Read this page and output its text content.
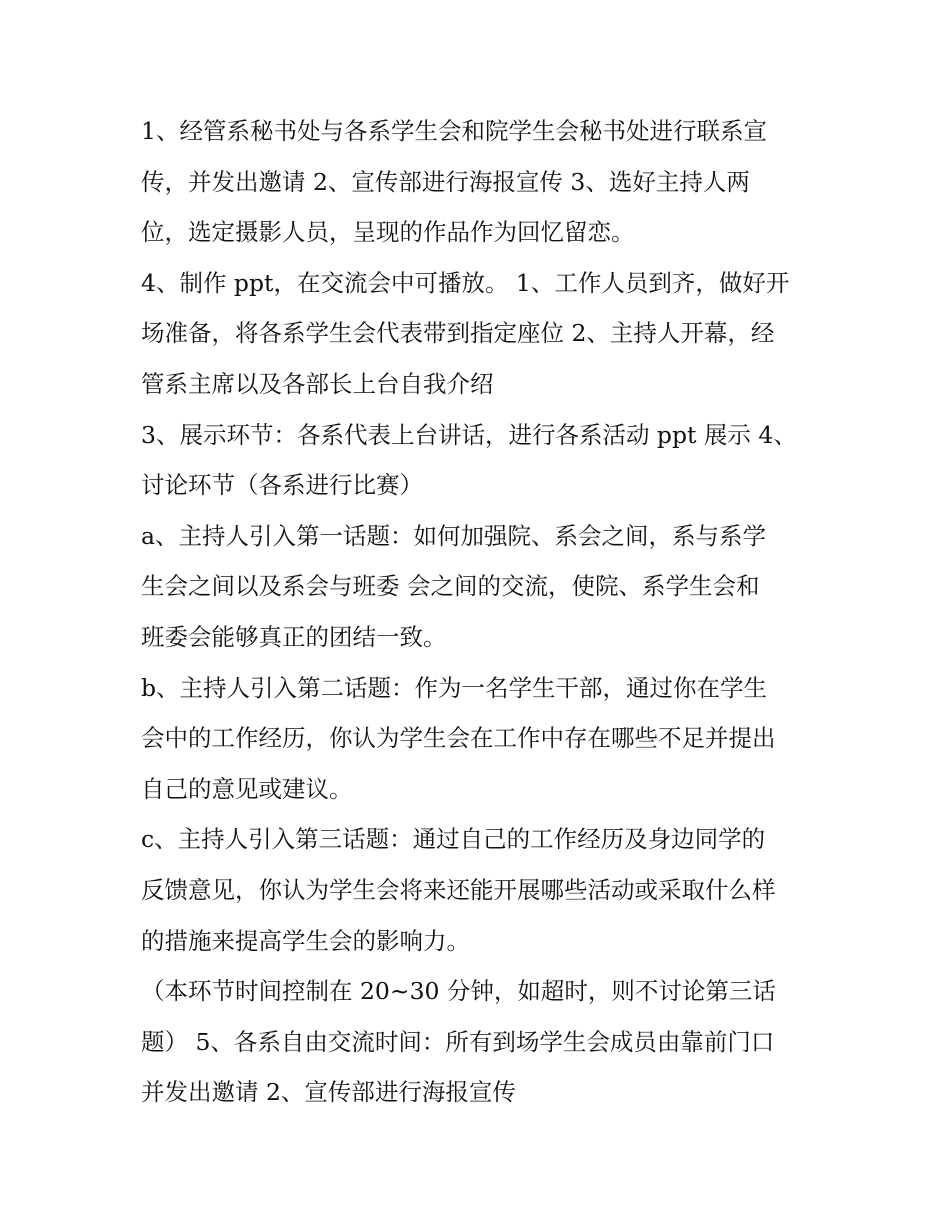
1、经管系秘书处与各系学生会和院学生会秘书处进行联系宣
传，并发出邀请 2、宣传部进行海报宣传 3、选好主持人两
位，选定摄影人员，呈现的作品作为回忆留恋。
4、制作 ppt，在交流会中可播放。 1、工作人员到齐，做好开
场准备，将各系学生会代表带到指定座位 2、主持人开幕，经
管系主席以及各部长上台自我介绍
3、展示环节：各系代表上台讲话，进行各系活动 ppt 展示 4、
讨论环节（各系进行比赛）
a、主持人引入第一话题：如何加强院、系会之间，系与系学
生会之间以及系会与班委 会之间的交流，使院、系学生会和
班委会能够真正的团结一致。
b、主持人引入第二话题：作为一名学生干部，通过你在学生
会中的工作经历，你认为学生会在工作中存在哪些不足并提出
自己的意见或建议。
c、主持人引入第三话题：通过自己的工作经历及身边同学的
反馈意见，你认为学生会将来还能开展哪些活动或采取什么样
的措施来提高学生会的影响力。
（本环节时间控制在 20~30 分钟，如超时，则不讨论第三话
题） 5、各系自由交流时间：所有到场学生会成员由靠前门口
并发出邀请 2、宣传部进行海报宣传
